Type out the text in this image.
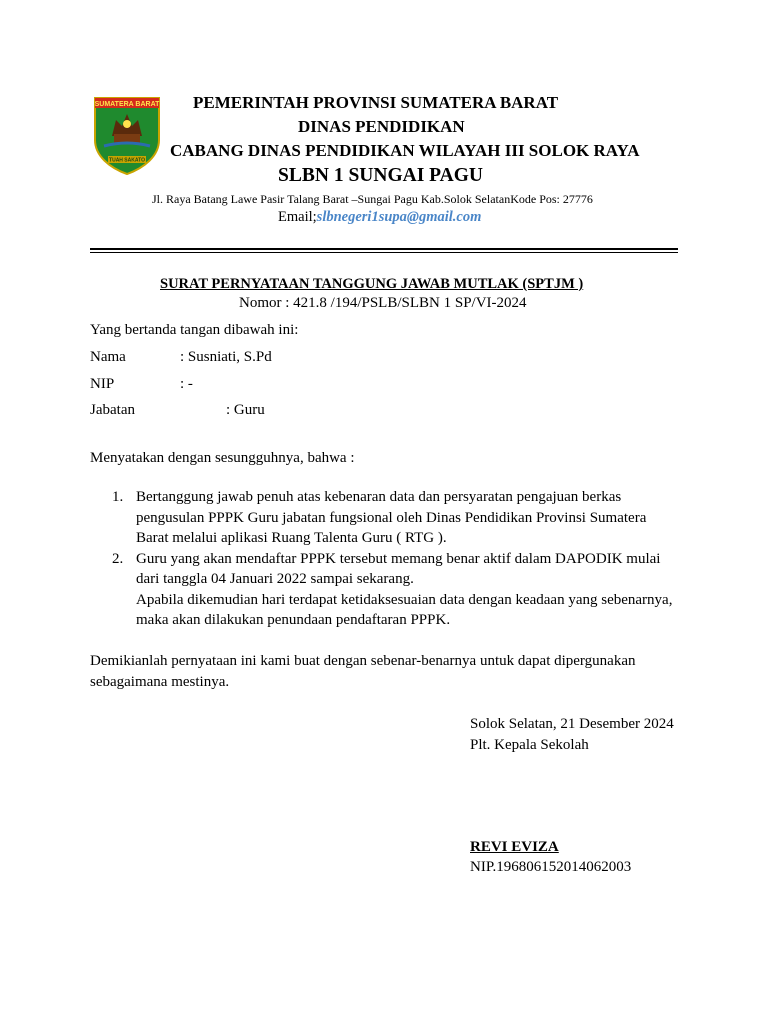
SUMATERA BARAT
TUAH SAKATO
PEMERINTAH PROVINSI SUMATERA BARAT
DINAS PENDIDIKAN
CABANG DINAS PENDIDIKAN WILAYAH III SOLOK RAYA
SLBN 1 SUNGAI PAGU
Jl. Raya Batang Lawe Pasir Talang Barat –Sungai Pagu Kab.Solok SelatanKode Pos: 27776
Email;slbnegeri1supa@gmail.com
SURAT PERNYATAAN TANGGUNG JAWAB MUTLAK (SPTJM )
Nomor : 421.8 /194/PSLB/SLBN 1 SP/VI-2024
Yang bertanda tangan dibawah ini:
Nama	: Susniati, S.Pd
NIP	: -
Jabatan	: Guru
Menyatakan dengan sesungguhnya, bahwa :
1. Bertanggung jawab penuh atas kebenaran data dan persyaratan pengajuan berkas
pengusulan PPPK Guru jabatan fungsional oleh Dinas Pendidikan Provinsi Sumatera
Barat melalui aplikasi Ruang Talenta Guru ( RTG ).
2. Guru yang akan mendaftar PPPK tersebut memang benar aktif dalam DAPODIK mulai
dari tanggla 04 Januari 2022 sampai sekarang.
Apabila dikemudian hari terdapat ketidaksesuaian data dengan keadaan yang sebenarnya,
maka akan dilakukan penundaan pendaftaran PPPK.
Demikianlah pernyataan ini kami buat dengan sebenar-benarnya untuk dapat dipergunakan
sebagaimana mestinya.
Solok Selatan, 21 Desember 2024
Plt. Kepala Sekolah
REVI EVIZA
NIP.196806152014062003
